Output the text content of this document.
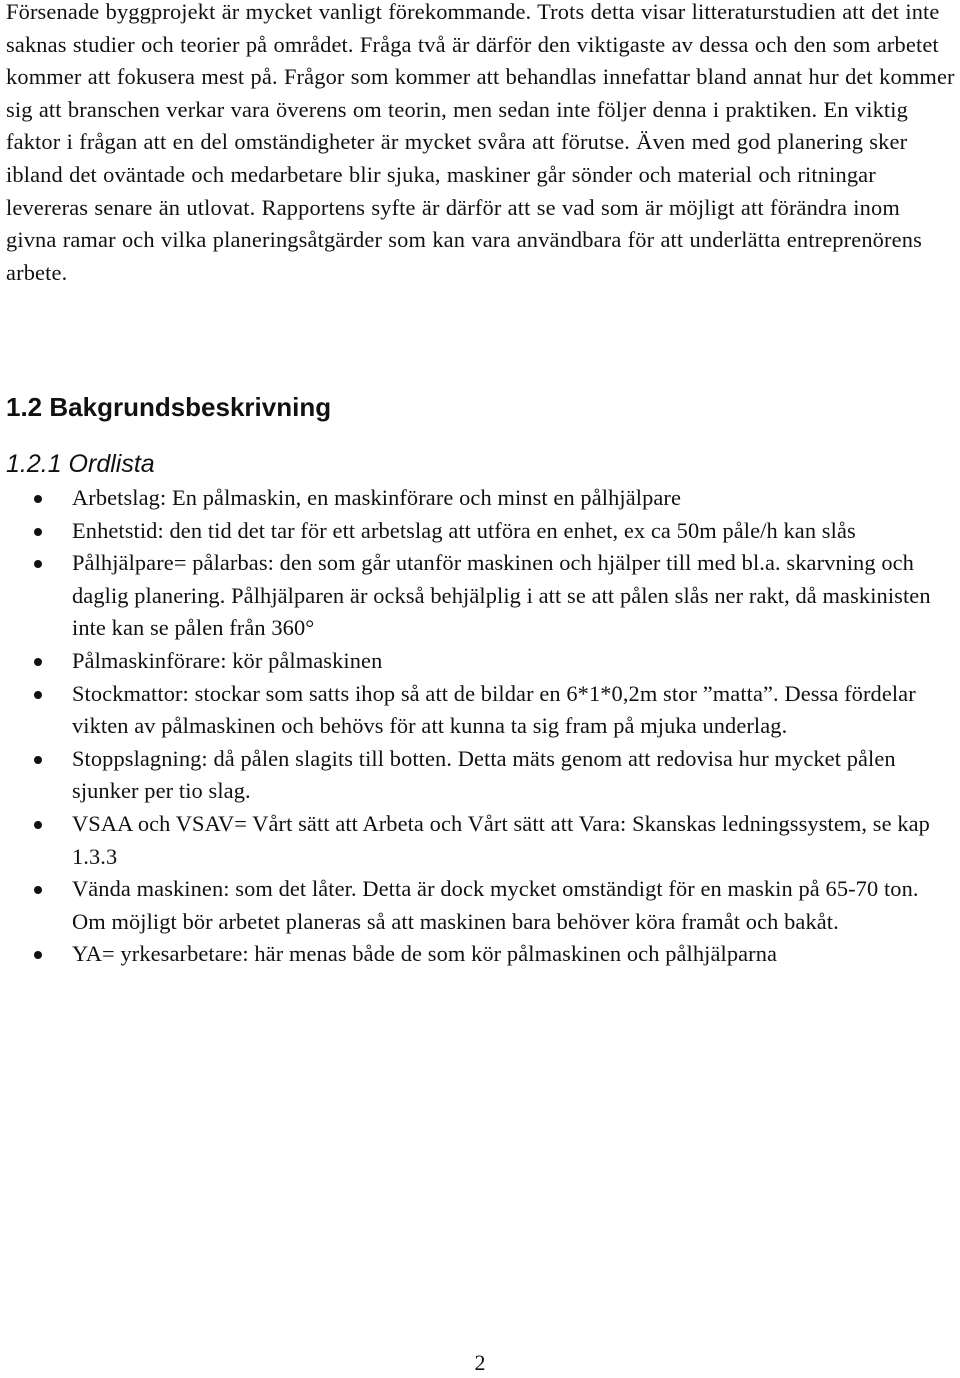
Försenade byggprojekt är mycket vanligt förekommande. Trots detta visar litteraturstudien att det inte saknas studier och teorier på området. Fråga två är därför den viktigaste av dessa och den som arbetet kommer att fokusera mest på. Frågor som kommer att behandlas innefattar bland annat hur det kommer sig att branschen verkar vara överens om teorin, men sedan inte följer denna i praktiken. En viktig faktor i frågan att en del omständigheter är mycket svåra att förutse. Även med god planering sker ibland det oväntade och medarbetare blir sjuka, maskiner går sönder och material och ritningar levereras senare än utlovat. Rapportens syfte är därför att se vad som är möjligt att förändra inom givna ramar och vilka planeringsåtgärder som kan vara användbara för att underlätta entreprenörens arbete.

1.2 Bakgrundsbeskrivning
1.2.1 Ordlista
Arbetslag: En pålmaskin, en maskinförare och minst en pålhjälpare
Enhetstid: den tid det tar för ett arbetslag att utföra en enhet, ex ca 50m påle/h kan slås
Pålhjälpare= pålarbas: den som går utanför maskinen och hjälper till med bl.a. skarvning och daglig planering. Pålhjälparen är också behjälplig i att se att pålen slås ner rakt, då maskinisten inte kan se pålen från 360°
Pålmaskinförare: kör pålmaskinen
Stockmattor: stockar som satts ihop så att de bildar en 6*1*0,2m stor ”matta”. Dessa fördelar vikten av pålmaskinen och behövs för att kunna ta sig fram på mjuka underlag.
Stoppslagning: då pålen slagits till botten. Detta mäts genom att redovisa hur mycket pålen sjunker per tio slag.
VSAA och VSAV= Vårt sätt att Arbeta och Vårt sätt att Vara: Skanskas ledningssystem, se kap 1.3.3
Vända maskinen: som det låter. Detta är dock mycket omständigt för en maskin på 65-70 ton. Om möjligt bör arbetet planeras så att maskinen bara behöver köra framåt och bakåt.
YA= yrkesarbetare: här menas både de som kör pålmaskinen och pålhjälparna
2
